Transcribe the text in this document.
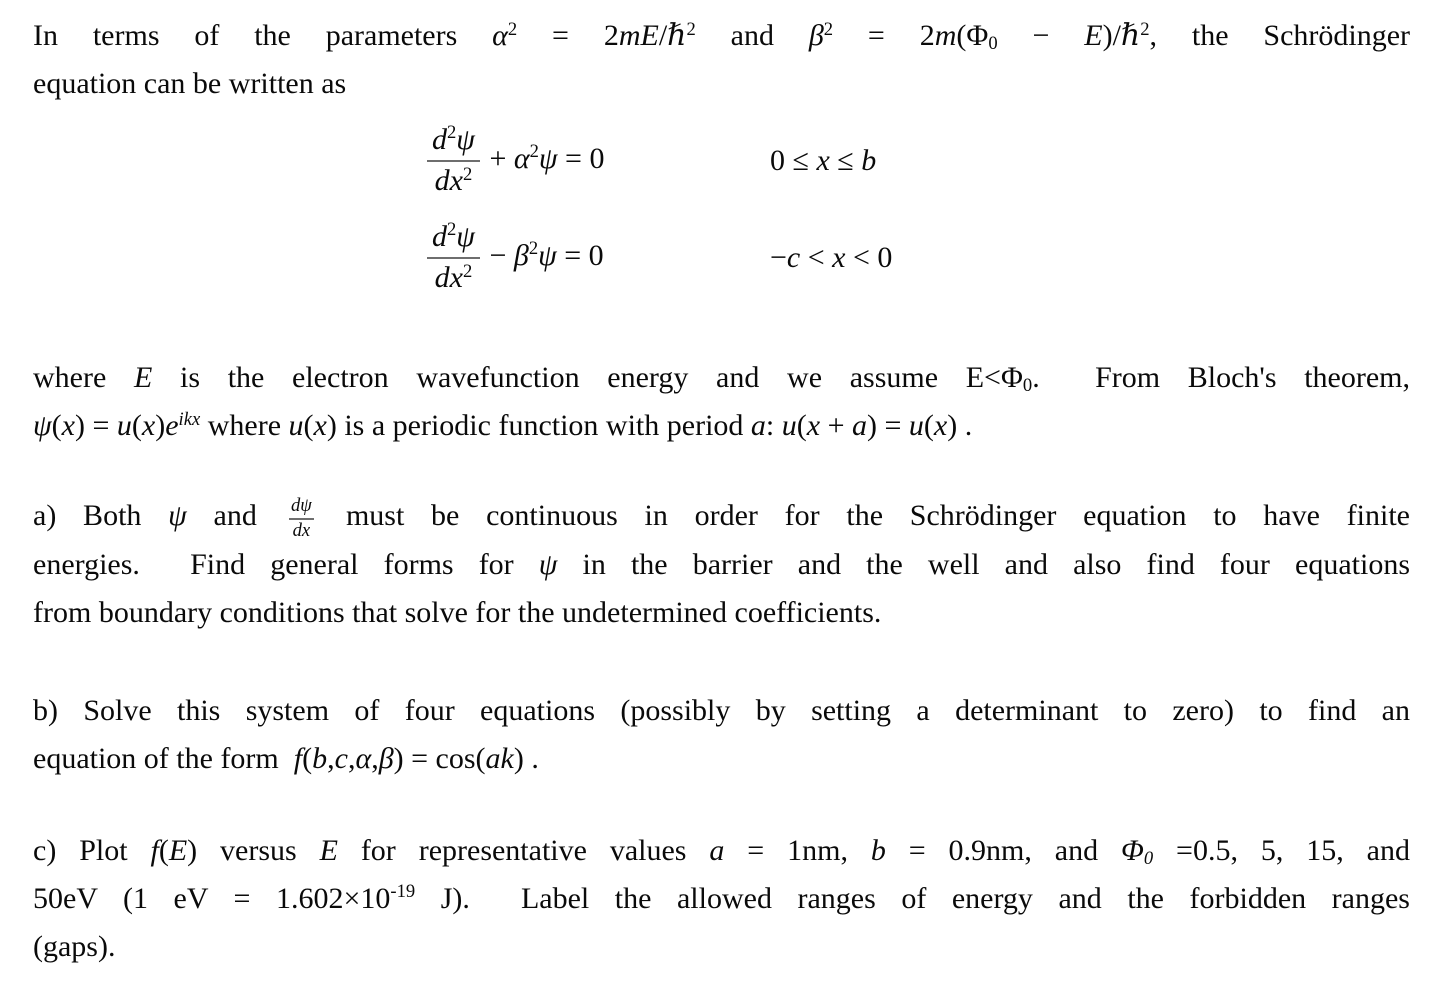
In terms of the parameters $\alpha^2$ = 2mE/ℏ$^2$ and $\beta^2 = 2m(\Phi_0$ − E)/ℏ$^2$, the Schrödinger
equation can be written as
$\frac{d^2\psi}{dx^2} + \alpha^2\psi = 0$	0 ≤ x ≤ b
$\frac{d^2\psi}{dx^2} - \beta^2\psi = 0$	−c < x < 0
where E is the electron wavefunction energy and we assume $E<\Phi_0$.  From Bloch's theorem,
$\psi(x) = u(x)e^{ikx}$ where u(x) is a periodic function with period a: u(x + a) = u(x) .
a) Both ψ and $\frac{d\psi}{dx}$ must be continuous in order for the Schrödinger equation to have finite
energies.  Find general forms for ψ in the barrier and the well and also find four equations
from boundary conditions that solve for the undetermined coefficients.
b) Solve this system of four equations (possibly by setting a determinant to zero) to find an
equation of the form  f(b,c,α,β) = cos(ak) .
c) Plot f(E) versus E for representative values a = 1nm, b = 0.9nm, and $\Phi_0 =0.5$, 5, 15, and
50eV (1 eV = $1.602\times 10^{-19}$ J).  Label the allowed ranges of energy and the forbidden ranges
(gaps).
